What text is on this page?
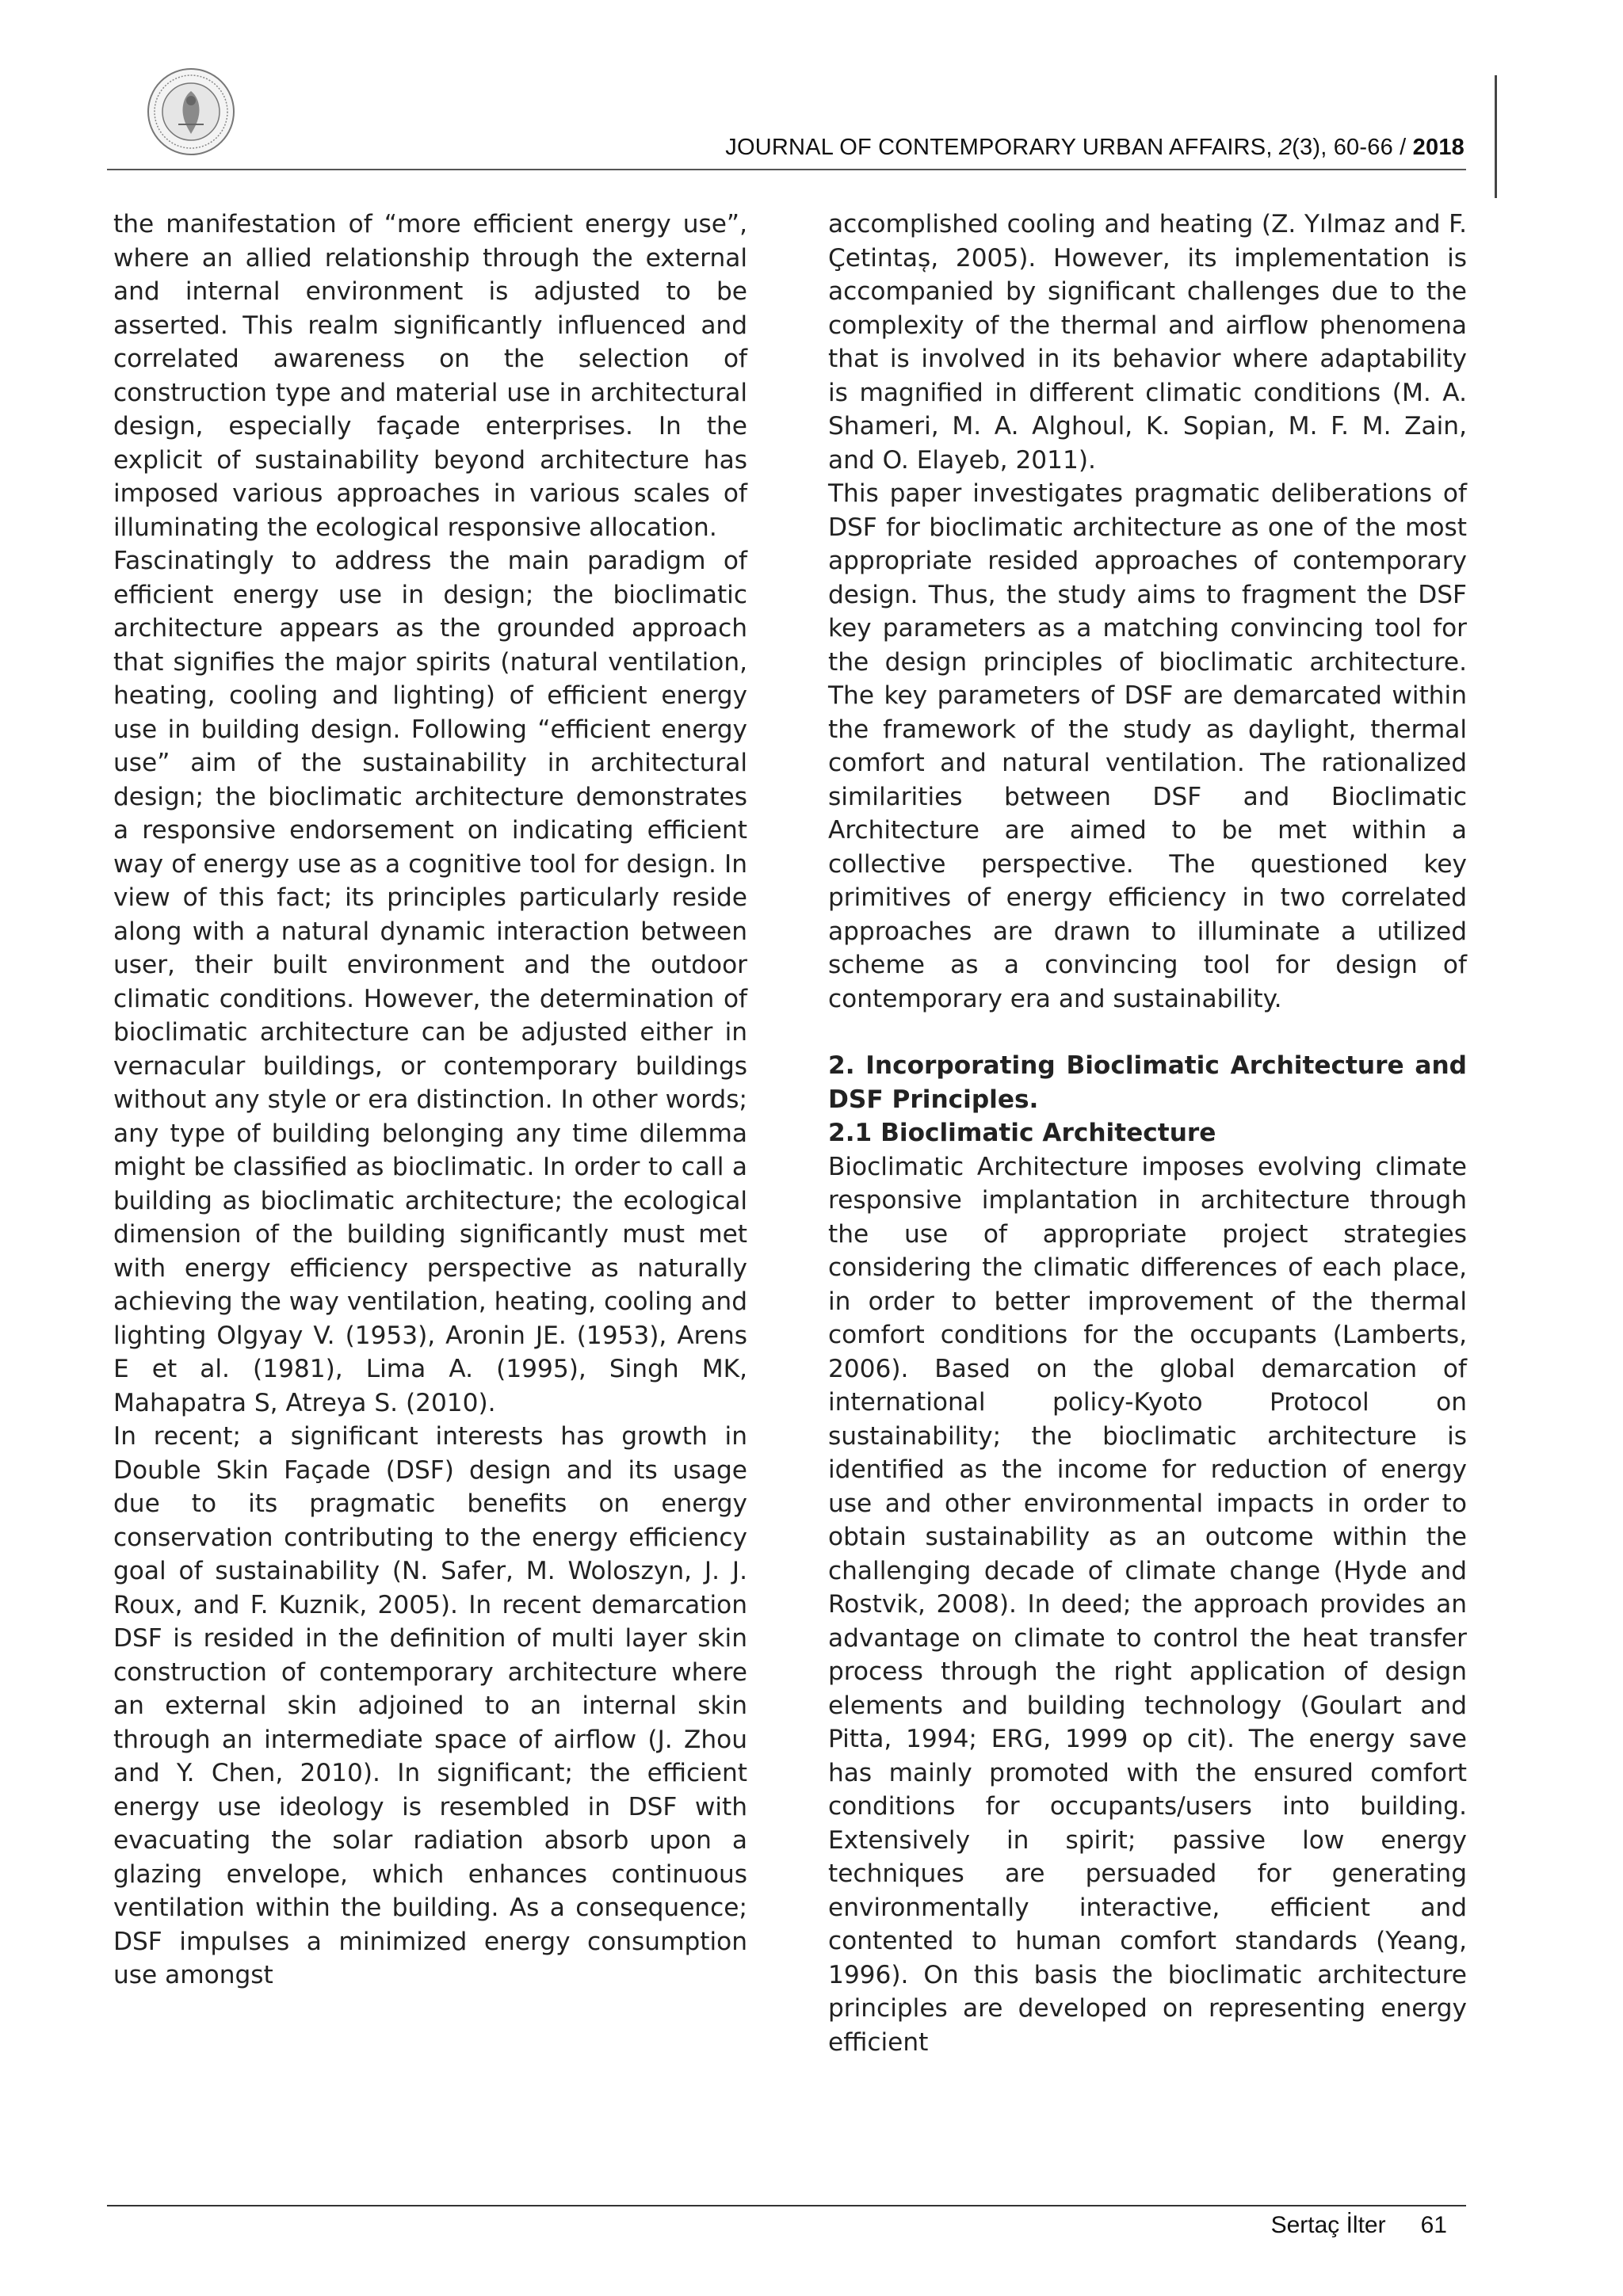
JOURNAL OF CONTEMPORARY URBAN AFFAIRS, 2(3), 60-66 / 2018

the manifestation of “more efficient energy use”, where an allied relationship through the external and internal environment is adjusted to be asserted. This realm significantly influenced and correlated awareness on the selection of construction type and material use in architectural design, especially façade enterprises. In the explicit of sustainability beyond architecture has imposed various approaches in various scales of illuminating the ecological responsive allocation.

Fascinatingly to address the main paradigm of efficient energy use in design; the bioclimatic architecture appears as the grounded approach that signifies the major spirits (natural ventilation, heating, cooling and lighting) of efficient energy use in building design. Following “efficient energy use” aim of the sustainability in architectural design; the bioclimatic architecture demonstrates a responsive endorsement on indicating efficient way of energy use as a cognitive tool for design. In view of this fact; its principles particularly reside along with a natural dynamic interaction between user, their built environment and the outdoor climatic conditions. However, the determination of bioclimatic architecture can be adjusted either in vernacular buildings, or contemporary buildings without any style or era distinction. In other words; any type of building belonging any time dilemma might be classified as bioclimatic. In order to call a building as bioclimatic architecture; the ecological dimension of the building significantly must met with energy efficiency perspective as naturally achieving the way ventilation, heating, cooling and lighting Olgyay V. (1953), Aronin JE. (1953), Arens E et al. (1981), Lima A. (1995), Singh MK, Mahapatra S, Atreya S. (2010).

In recent; a significant interests has growth in Double Skin Façade (DSF) design and its usage due to its pragmatic benefits on energy conservation contributing to the energy efficiency goal of sustainability (N. Safer, M. Woloszyn, J. J. Roux, and F. Kuznik, 2005). In recent demarcation DSF is resided in the definition of multi layer skin construction of contemporary architecture where an external skin adjoined to an internal skin through an intermediate space of airflow (J. Zhou and Y. Chen, 2010). In significant; the efficient energy use ideology is resembled in DSF with evacuating the solar radiation absorb upon a glazing envelope, which enhances continuous ventilation within the building. As a consequence; DSF impulses a minimized energy consumption use amongst

accomplished cooling and heating (Z. Yılmaz and F. Çetintas̜, 2005). However, its implementation is accompanied by significant challenges due to the complexity of the thermal and airflow phenomena that is involved in its behavior where adaptability is magnified in different climatic conditions (M. A. Shameri, M. A. Alghoul, K. Sopian, M. F. M. Zain, and O. Elayeb, 2011).

This paper investigates pragmatic deliberations of DSF for bioclimatic architecture as one of the most appropriate resided approaches of contemporary design. Thus, the study aims to fragment the DSF key parameters as a matching convincing tool for the design principles of bioclimatic architecture. The key parameters of DSF are demarcated within the framework of the study as daylight, thermal comfort and natural ventilation. The rationalized similarities between DSF and Bioclimatic Architecture are aimed to be met within a collective perspective. The questioned key primitives of energy efficiency in two correlated approaches are drawn to illuminate a utilized scheme as a convincing tool for design of contemporary era and sustainability.

2. Incorporating Bioclimatic Architecture and DSF Principles.
2.1 Bioclimatic Architecture

Bioclimatic Architecture imposes evolving climate responsive implantation in architecture through the use of appropriate project strategies considering the climatic differences of each place, in order to better improvement of the thermal comfort conditions for the occupants (Lamberts, 2006). Based on the global demarcation of international policy-Kyoto Protocol on sustainability; the bioclimatic architecture is identified as the income for reduction of energy use and other environmental impacts in order to obtain sustainability as an outcome within the challenging decade of climate change (Hyde and Rostvik, 2008). In deed; the approach provides an advantage on climate to control the heat transfer process through the right application of design elements and building technology (Goulart and Pitta, 1994; ERG, 1999 op cit). The energy save has mainly promoted with the ensured comfort conditions for occupants/users into building. Extensively in spirit; passive low energy techniques are persuaded for generating environmentally interactive, efficient and contented to human comfort standards (Yeang, 1996). On this basis the bioclimatic architecture principles are developed on representing energy efficient

Sertaç İlter 61
